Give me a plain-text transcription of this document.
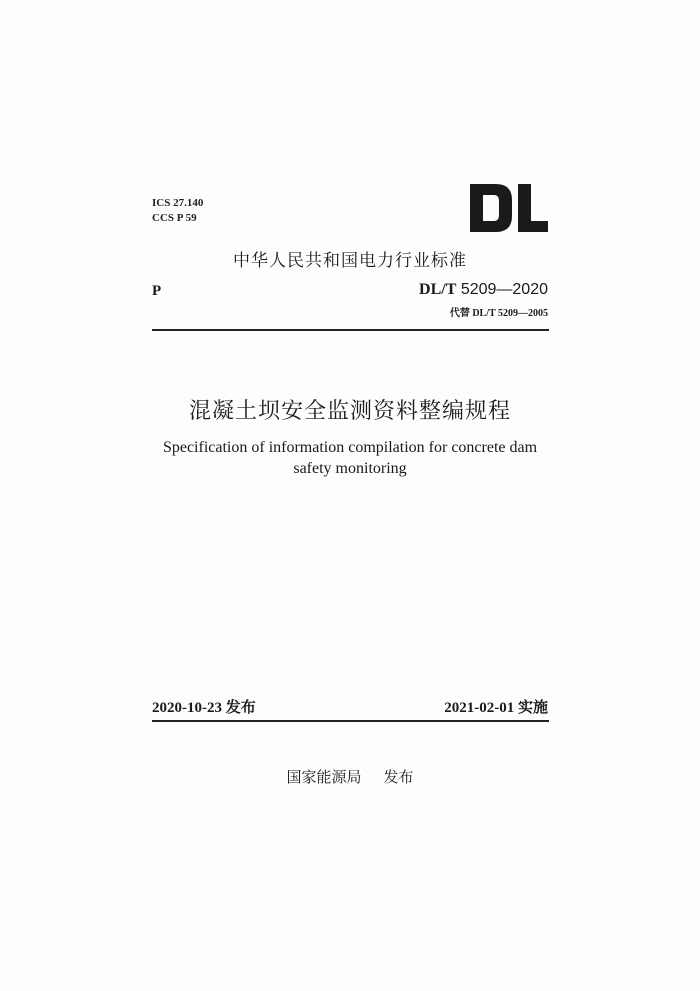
ICS 27.140
CCS P 59
中华人民共和国电力行业标准
P	DL/T 5209—2020
代替 DL/T 5209—2005
混凝土坝安全监测资料整编规程
Specification of information compilation for concrete dam
safety monitoring
2020-10-23 发布	2021-02-01 实施
国家能源局 发布
